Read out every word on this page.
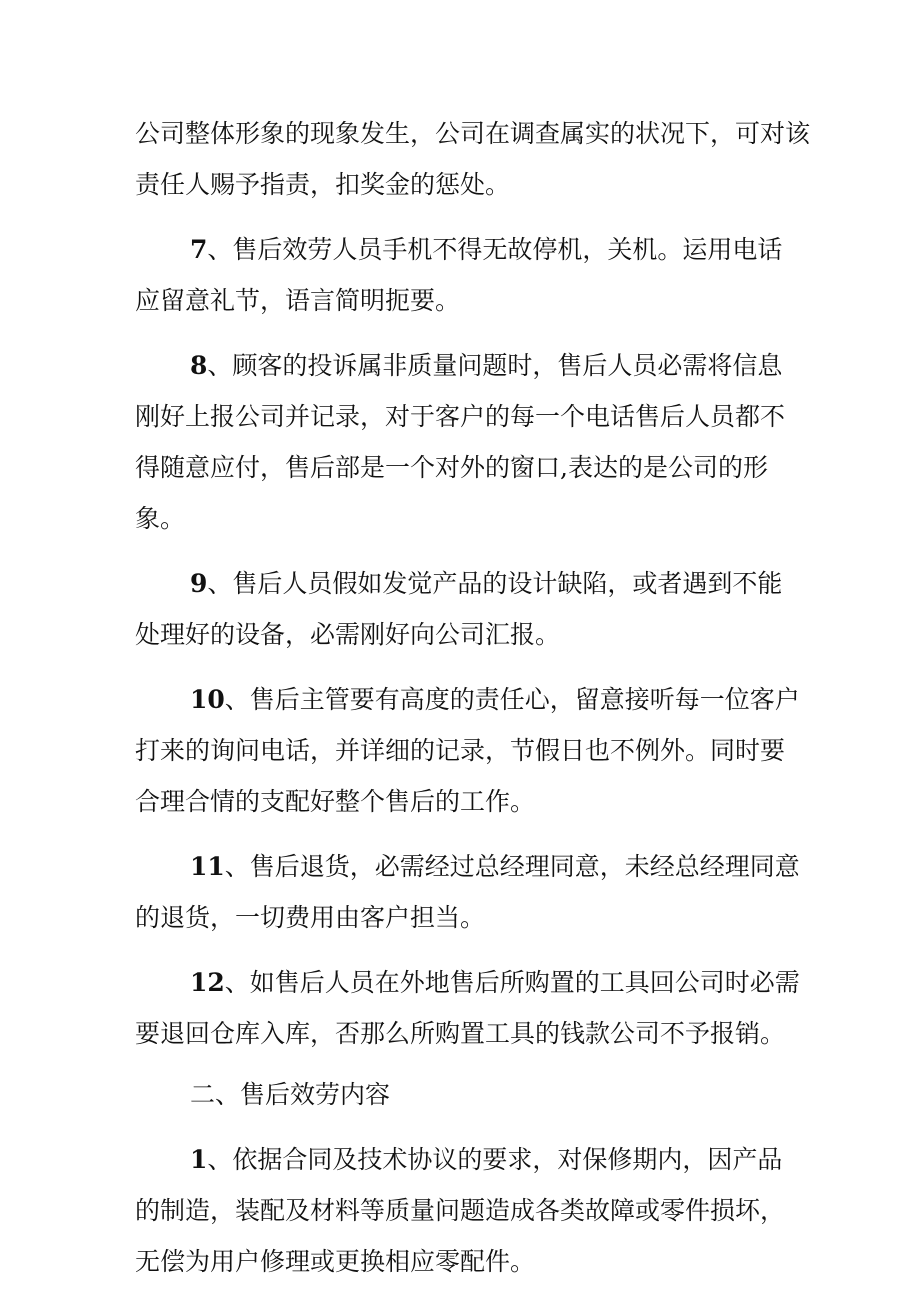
公司整体形象的现象发生，公司在调查属实的状况下，可对该
责任人赐予指责，扣奖金的惩处。
7、售后效劳人员手机不得无故停机，关机。运用电话
应留意礼节，语言简明扼要。
8、顾客的投诉属非质量问题时，售后人员必需将信息
刚好上报公司并记录，对于客户的每一个电话售后人员都不
得随意应付，售后部是一个对外的窗口,表达的是公司的形
象。
9、售后人员假如发觉产品的设计缺陷，或者遇到不能
处理好的设备，必需刚好向公司汇报。
10、售后主管要有高度的责任心，留意接听每一位客户
打来的询问电话，并详细的记录，节假日也不例外。同时要
合理合情的支配好整个售后的工作。
11、售后退货，必需经过总经理同意，未经总经理同意
的退货，一切费用由客户担当。
12、如售后人员在外地售后所购置的工具回公司时必需
要退回仓库入库，否那么所购置工具的钱款公司不予报销。
二、售后效劳内容
1、依据合同及技术协议的要求，对保修期内，因产品
的制造，装配及材料等质量问题造成各类故障或零件损坏，
无偿为用户修理或更换相应零配件。
